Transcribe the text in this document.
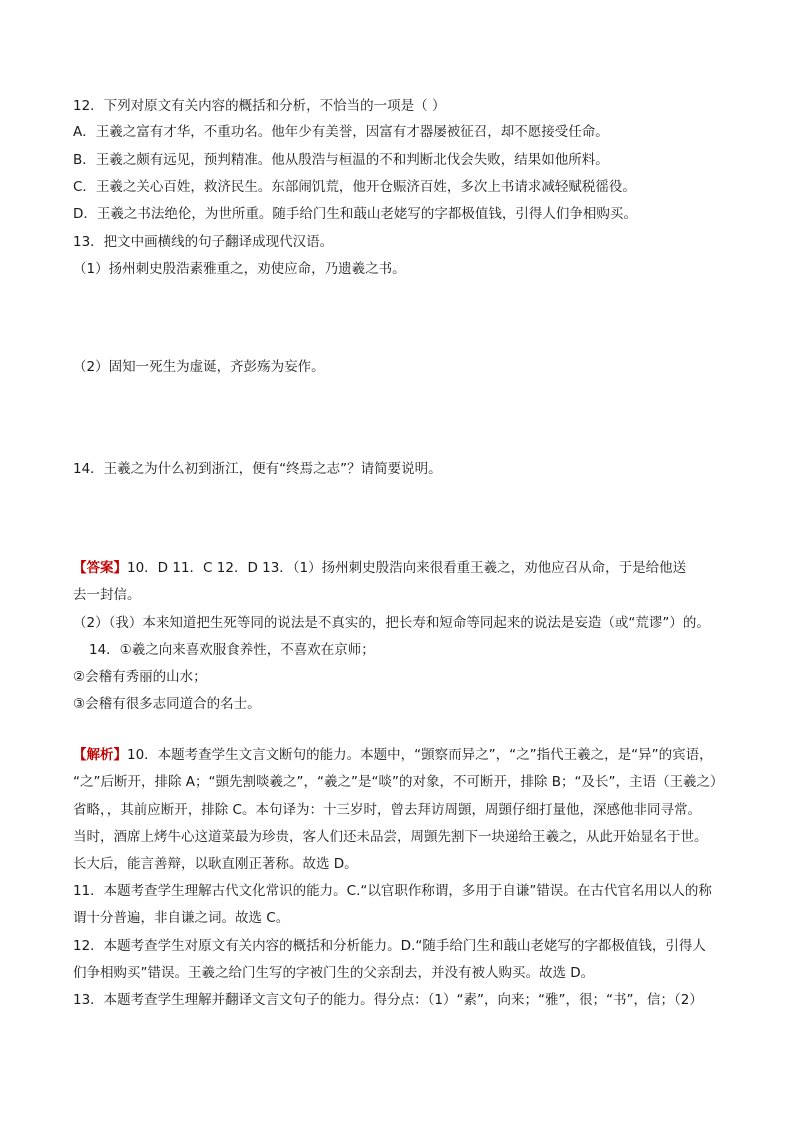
12．下列对原文有关内容的概括和分析，不恰当的一项是（ ）
A．王羲之富有才华，不重功名。他年少有美誉，因富有才器屡被征召，却不愿接受任命。
B．王羲之颇有远见，预判精准。他从殷浩与桓温的不和判断北伐会失败，结果如他所料。
C．王羲之关心百姓，救济民生。东部闹饥荒，他开仓赈济百姓，多次上书请求减轻赋税徭役。
D．王羲之书法绝伦，为世所重。随手给门生和蕺山老姥写的字都极值钱，引得人们争相购买。
13．把文中画横线的句子翻译成现代汉语。
（1）扬州刺史殷浩素雅重之，劝使应命，乃遗羲之书。
（2）固知一死生为虚诞，齐彭殇为妄作。
14．王羲之为什么初到浙江，便有“终焉之志”？请简要说明。
【答案】10．D 11．C 12．D 13．（1）扬州刺史殷浩向来很看重王羲之，劝他应召从命，于是给他送
去一封信。
（2）（我）本来知道把生死等同的说法是不真实的，把长寿和短命等同起来的说法是妄造（或“荒谬”）的。
14．①羲之向来喜欢服食养性，不喜欢在京师；
②会稽有秀丽的山水；
③会稽有很多志同道合的名士。
【解析】10．本题考查学生文言文断句的能力。本题中，“顗察而异之”，“之”指代王羲之，是“异”的宾语，
“之”后断开，排除 A；“顗先割啖羲之”，“羲之”是“啖”的对象，不可断开，排除 B；“及长”，主语（王羲之）
省略，，其前应断开，排除 C。本句译为：十三岁时，曾去拜访周顗，周顗仔细打量他，深感他非同寻常。
当时，酒席上烤牛心这道菜最为珍贵，客人们还未品尝，周顗先割下一块递给王羲之，从此开始显名于世。
长大后，能言善辩，以耿直刚正著称。故选 D。
11．本题考查学生理解古代文化常识的能力。C.“以官职作称谓，多用于自谦”错误。在古代官名用以人的称
谓十分普遍，非自谦之词。故选 C。
12．本题考查学生对原文有关内容的概括和分析能力。D.“随手给门生和蕺山老姥写的字都极值钱，引得人
们争相购买”错误。王羲之给门生写的字被门生的父亲刮去，并没有被人购买。故选 D。
13．本题考查学生理解并翻译文言文句子的能力。得分点：（1）“素”，向来；“雅”，很；“书”，信；（2）
